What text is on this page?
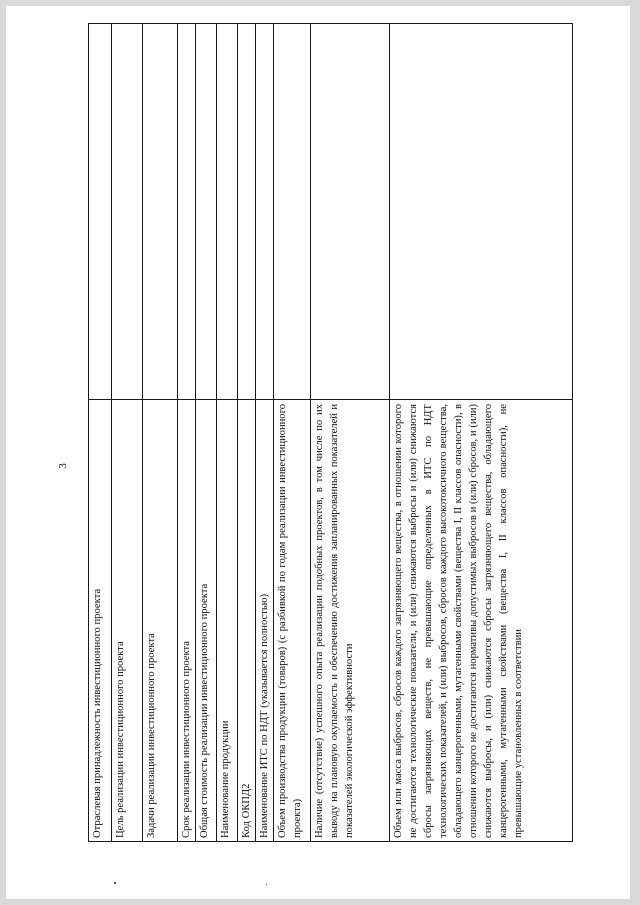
3
Отраслевая принадлежность инвестиционного проекта	
Цель реализации инвестиционного проекта	
Задачи реализации инвестиционного проекта	
Срок реализации инвестиционного проекта	
Общая стоимость реализации инвестиционного проекта	
Наименование продукции	
Код ОКПД2	
Наименование ИТС по НДТ (указывается полностью)	
Объем производства продукции (товаров) (с разбивкой по годам реализации инвестиционного проекта)	
Наличие (отсутствие) успешного опыта реализации подобных проектов, в том числе по их выводу на плановую окупаемость и обеспечению достижения запланированных показателей и показателей экологической эффективности	
Объем или масса выбросов, сбросов каждого загрязняющего вещества, в отношении которого не достигаются технологические показатели, и (или) снижаются выбросы и (или) снижаются сбросы загрязняющих веществ, не превышающие определенных в ИТС по НДТ технологических показателей, и (или) выбросов, сбросов каждого высокотоксичного вещества, обладающего канцерогенными, мутагенными свойствами (вещества I, II классов опасности), в отношении которого не достигаются нормативы допустимых выбросов и (или) сбросов, и (или) снижаются выбросы, и (или) снижаются сбросы загрязняющего вещества, обладающего канцерогенными, мутагенными свойствами (вещества I, II классов опасности), не превышающие установленных в соответствии	
